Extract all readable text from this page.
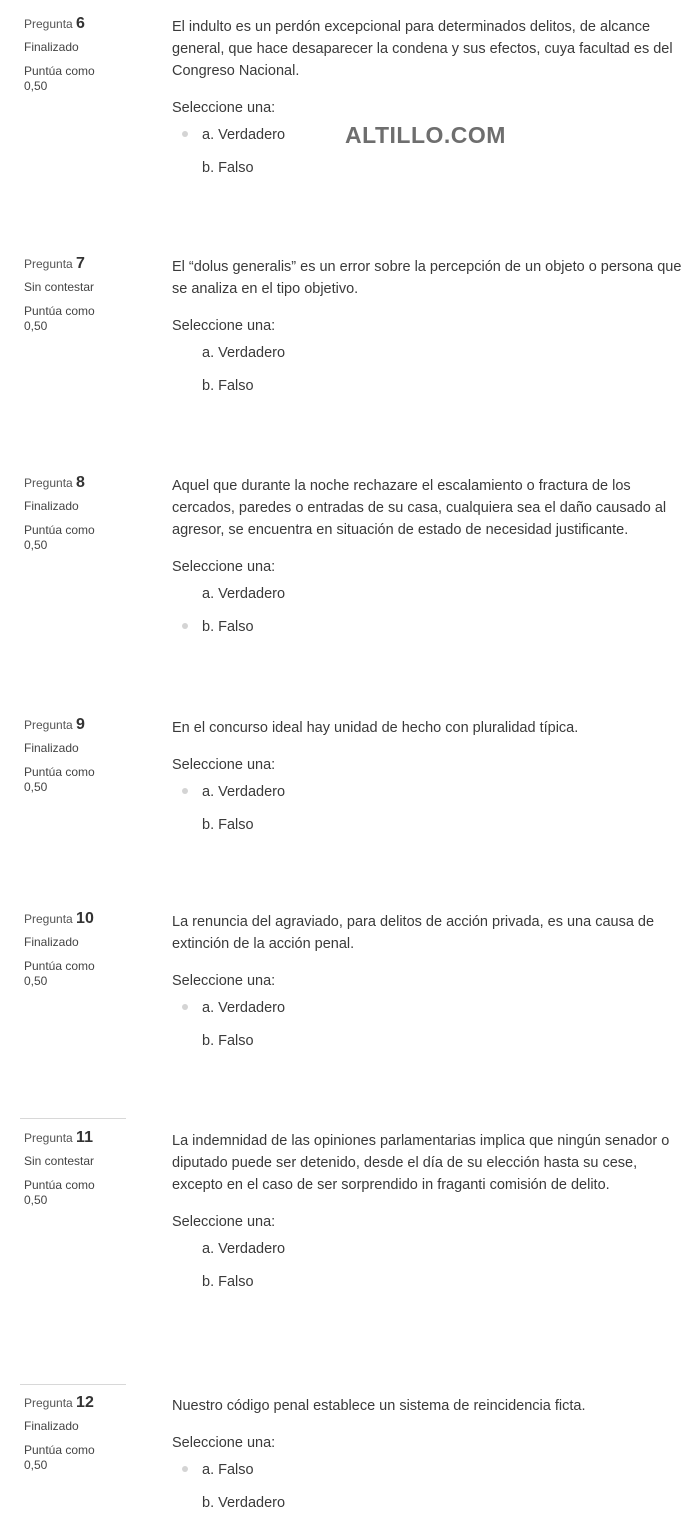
Pregunta 6
Finalizado
Puntúa como 0,50
El indulto es un perdón excepcional para determinados delitos, de alcance general, que hace desaparecer la condena y sus efectos, cuya facultad es del Congreso Nacional.
Seleccione una:
a. Verdadero
b. Falso
ALTILLO.COM
Pregunta 7
Sin contestar
Puntúa como 0,50
El “dolus generalis” es un error sobre la percepción de un objeto o persona que se analiza en el tipo objetivo.
Seleccione una:
a. Verdadero
b. Falso
Pregunta 8
Finalizado
Puntúa como 0,50
Aquel que durante la noche rechazare el escalamiento o fractura de los cercados, paredes o entradas de su casa, cualquiera sea el daño causado al agresor, se encuentra en situación de estado de necesidad justificante.
Seleccione una:
a. Verdadero
b. Falso
Pregunta 9
Finalizado
Puntúa como 0,50
En el concurso ideal hay unidad de hecho con pluralidad típica.
Seleccione una:
a. Verdadero
b. Falso
Pregunta 10
Finalizado
Puntúa como 0,50
La renuncia del agraviado, para delitos de acción privada, es una causa de extinción de la acción penal.
Seleccione una:
a. Verdadero
b. Falso
Pregunta 11
Sin contestar
Puntúa como 0,50
La indemnidad de las opiniones parlamentarias implica que ningún senador o diputado puede ser detenido, desde el día de su elección hasta su cese, excepto en el caso de ser sorprendido in fraganti comisión de delito.
Seleccione una:
a. Verdadero
b. Falso
Pregunta 12
Finalizado
Puntúa como 0,50
Nuestro código penal establece un sistema de reincidencia ficta.
Seleccione una:
a. Falso
b. Verdadero
